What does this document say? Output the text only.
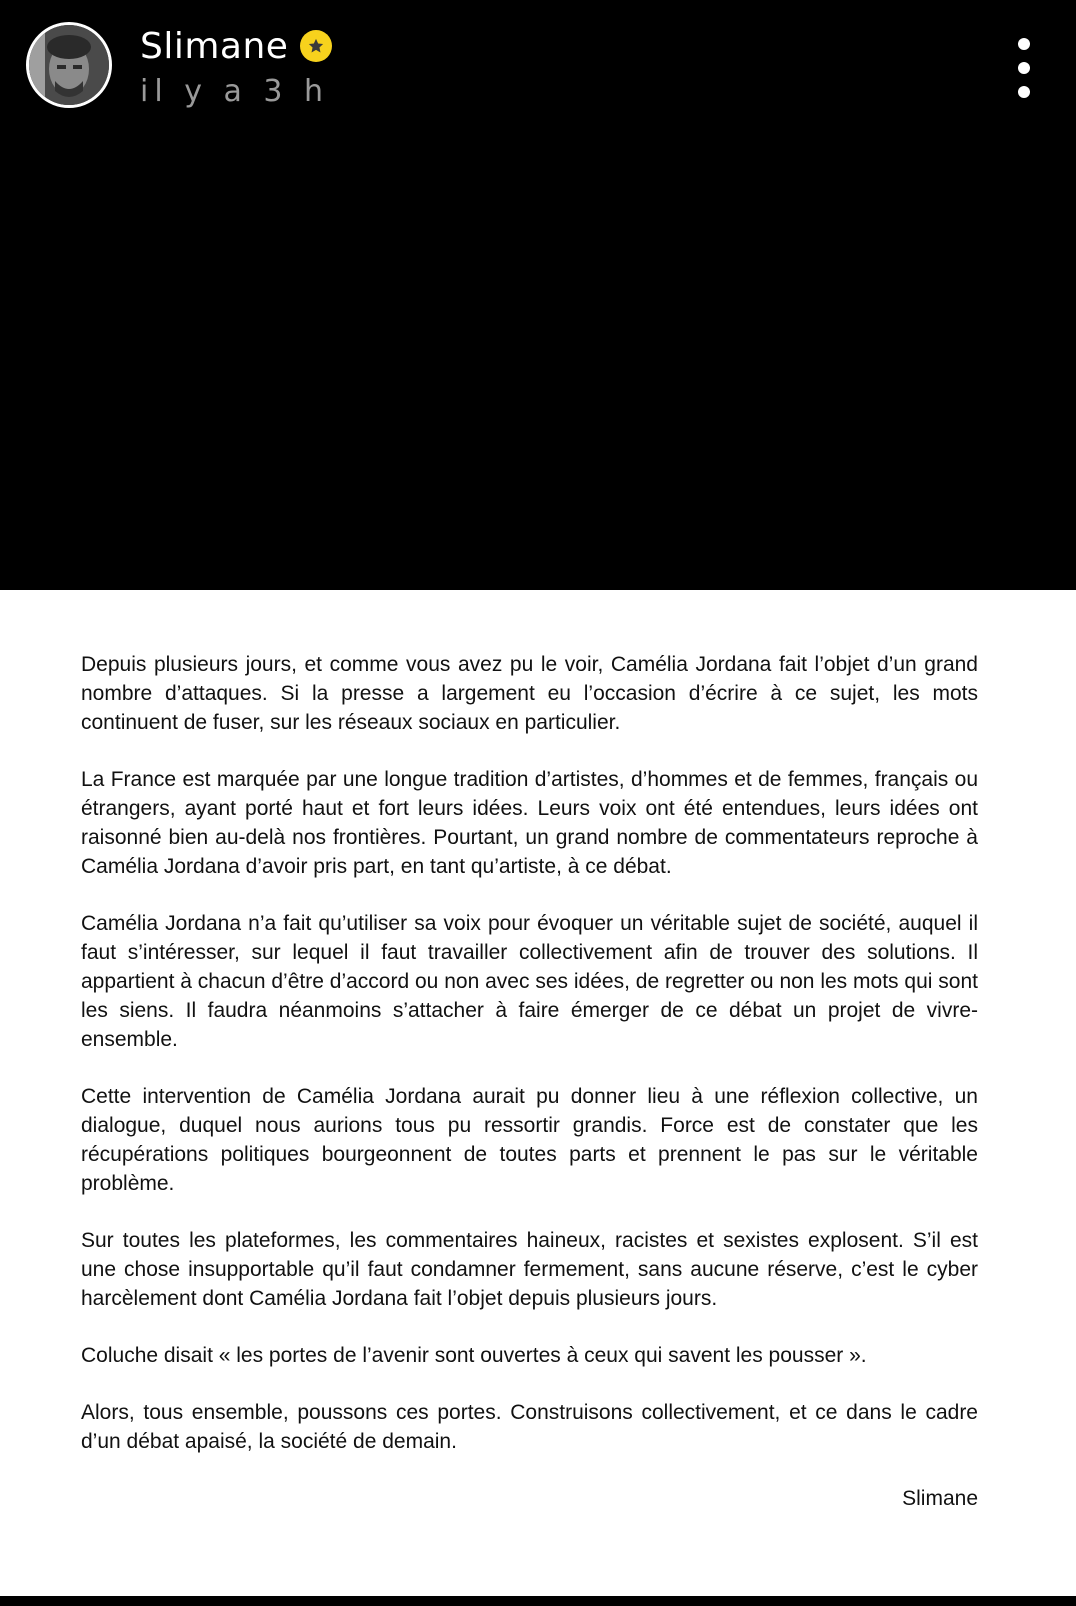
Slimane
il y a 3 h

Depuis plusieurs jours, et comme vous avez pu le voir, Camélia Jordana fait l’objet d’un grand nombre d’attaques. Si la presse a largement eu l’occasion d’écrire à ce sujet, les mots continuent de fuser, sur les réseaux sociaux en particulier.

La France est marquée par une longue tradition d’artistes, d’hommes et de femmes, français ou étrangers, ayant porté haut et fort leurs idées. Leurs voix ont été entendues, leurs idées ont raisonné bien au-delà nos frontières. Pourtant, un grand nombre de commentateurs reproche à Camélia Jordana d’avoir pris part, en tant qu’artiste, à ce débat.

Camélia Jordana n’a fait qu’utiliser sa voix pour évoquer un véritable sujet de société, auquel il faut s’intéresser, sur lequel il faut travailler collectivement afin de trouver des solutions. Il appartient à chacun d’être d’accord ou non avec ses idées, de regretter ou non les mots qui sont les siens. Il faudra néanmoins s’attacher à faire émerger de ce débat un projet de vivre-ensemble.

Cette intervention de Camélia Jordana aurait pu donner lieu à une réflexion collective, un dialogue, duquel nous aurions tous pu ressortir grandis. Force est de constater que les récupérations politiques bourgeonnent de toutes parts et prennent le pas sur le véritable problème.

Sur toutes les plateformes, les commentaires haineux, racistes et sexistes explosent. S’il est une chose insupportable qu’il faut condamner fermement, sans aucune réserve, c’est le cyber harcèlement dont Camélia Jordana fait l’objet depuis plusieurs jours.

Coluche disait « les portes de l’avenir sont ouvertes à ceux qui savent les pousser ».

Alors, tous ensemble, poussons ces portes. Construisons collectivement, et ce dans le cadre d’un débat apaisé, la société de demain.

Slimane
